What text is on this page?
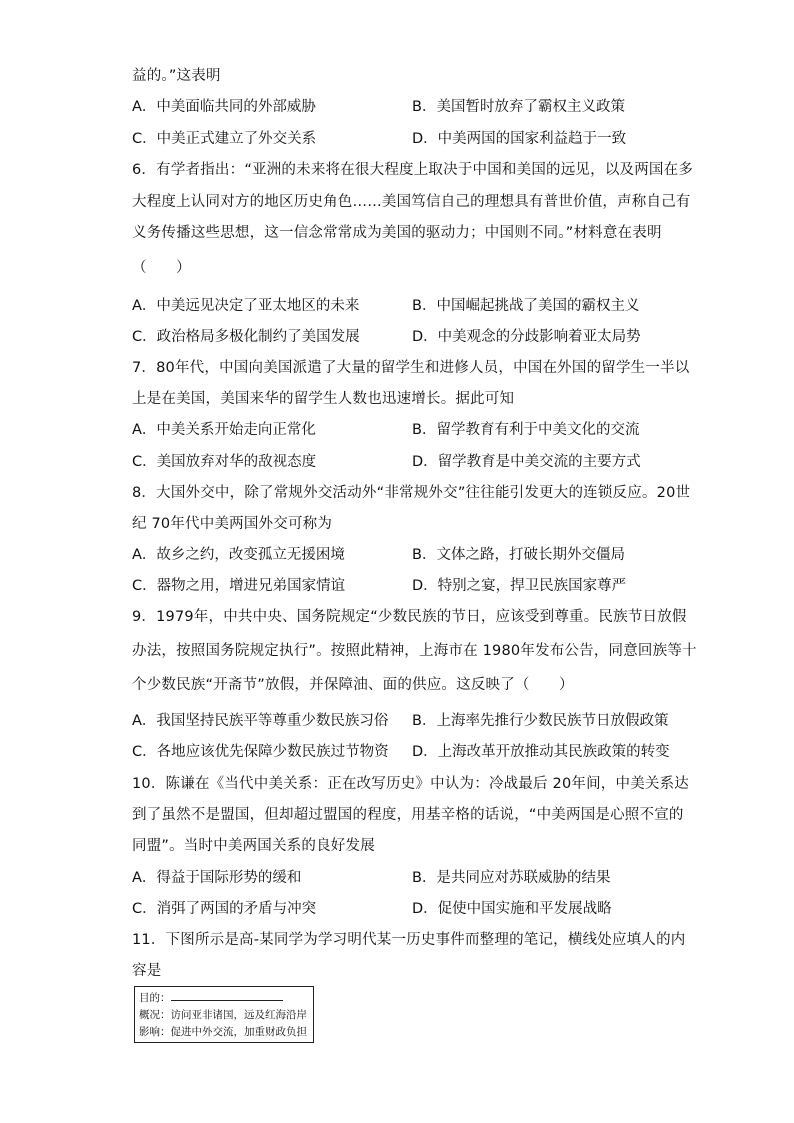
益的。”这表明
A．中美面临共同的外部威胁	B．美国暂时放弃了霸权主义政策
C．中美正式建立了外交关系	D．中美两国的国家利益趋于一致
6．有学者指出：“亚洲的未来将在很大程度上取决于中国和美国的远见，以及两国在多
大程度上认同对方的地区历史角色……美国笃信自己的理想具有普世价值，声称自己有
义务传播这些思想，这一信念常常成为美国的驱动力；中国则不同。”材料意在表明
（　　）
A．中美远见决定了亚太地区的未来	B．中国崛起挑战了美国的霸权主义
C．政治格局多极化制约了美国发展	D．中美观念的分歧影响着亚太局势
7．80年代，中国向美国派遣了大量的留学生和进修人员，中国在外国的留学生一半以
上是在美国，美国来华的留学生人数也迅速增长。据此可知
A．中美关系开始走向正常化	B．留学教育有利于中美文化的交流
C．美国放弃对华的敌视态度	D．留学教育是中美交流的主要方式
8．大国外交中，除了常规外交活动外“非常规外交”往往能引发更大的连锁反应。20世
纪 70年代中美两国外交可称为
A．故乡之约，改变孤立无援困境	B．文体之路，打破长期外交僵局
C．器物之用，增进兄弟国家情谊	D．特别之宴，捍卫民族国家尊严
9．1979年，中共中央、国务院规定“少数民族的节日，应该受到尊重。民族节日放假
办法，按照国务院规定执行”。按照此精神，上海市在 1980年发布公告，同意回族等十
个少数民族“开斋节”放假，并保障油、面的供应。这反映了（　　）
A．我国坚持民族平等尊重少数民族习俗 B．上海率先推行少数民族节日放假政策
C．各地应该优先保障少数民族过节物资 D．上海改革开放推动其民族政策的转变
10．陈谦在《当代中美关系：正在改写历史》中认为：冷战最后 20年间，中美关系达
到了虽然不是盟国，但却超过盟国的程度，用基辛格的话说，“中美两国是心照不宣的
同盟”。当时中美两国关系的良好发展
A．得益于国际形势的缓和	B．是共同应对苏联威胁的结果
C．消弭了两国的矛盾与冲突	D．促使中国实施和平发展战略
11．下图所示是高-某同学为学习明代某一历史事件而整理的笔记，横线处应填人的内
容是
目的：
概况：访问亚非诸国，远及红海沿岸
影响：促进中外交流，加重财政负担
